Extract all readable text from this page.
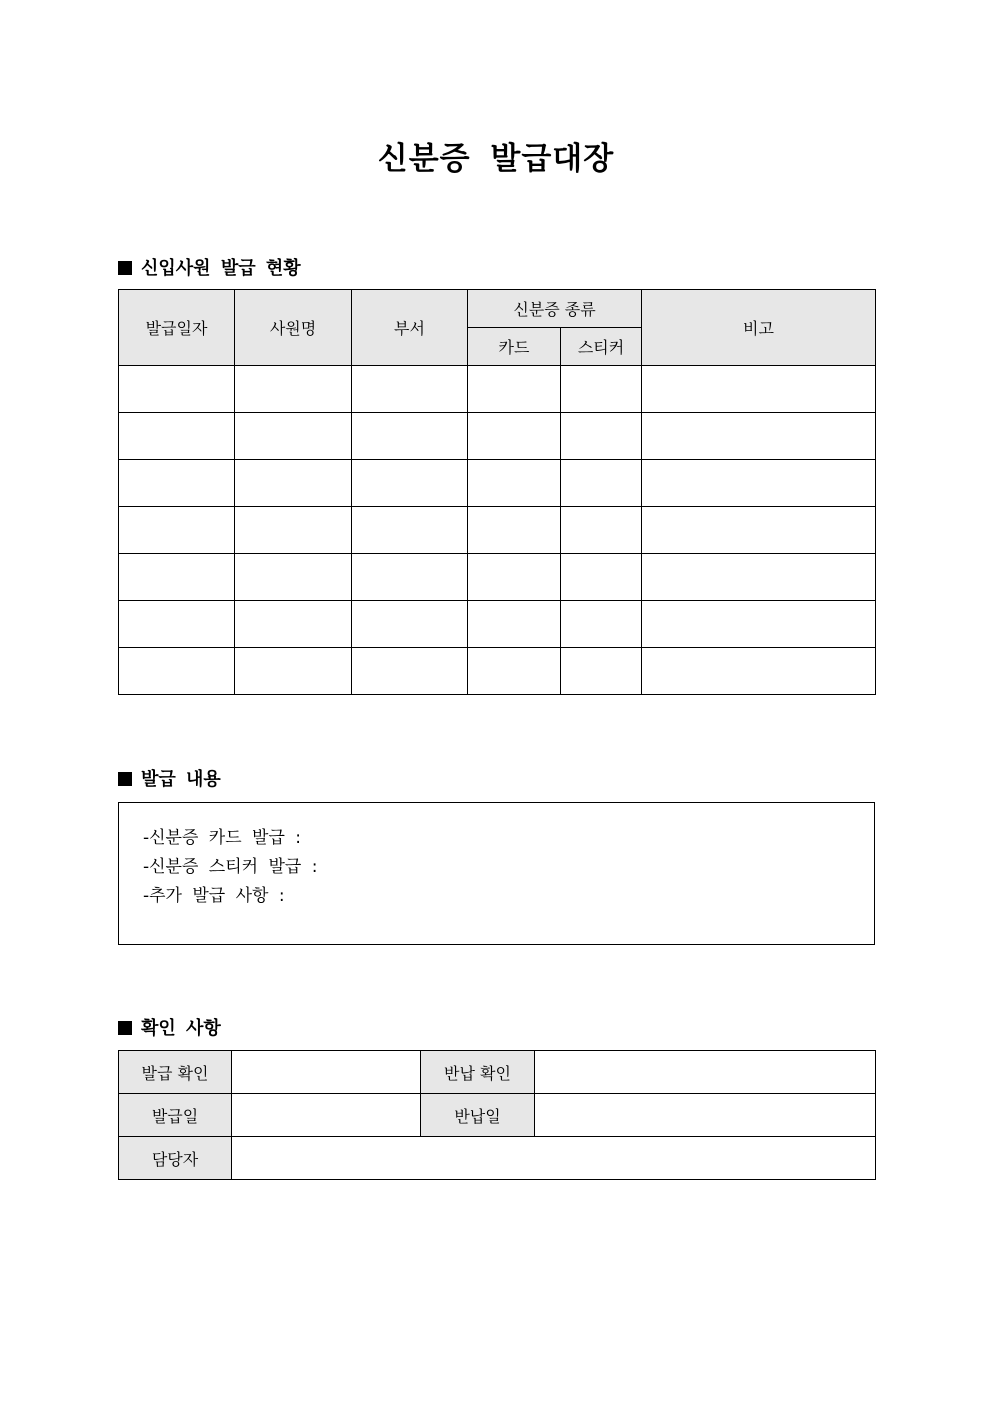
신분증 발급대장
신입사원 발급 현황
발급일자	사원명	부서	신분증 종류		비고
			카드	스티커	

발급 내용
-신분증 카드 발급 :
-신분증 스티커 발급 :
-추가 발급 사항 :
확인 사항
발급 확인		반납 확인	
발급일		반납일	
담당자			
